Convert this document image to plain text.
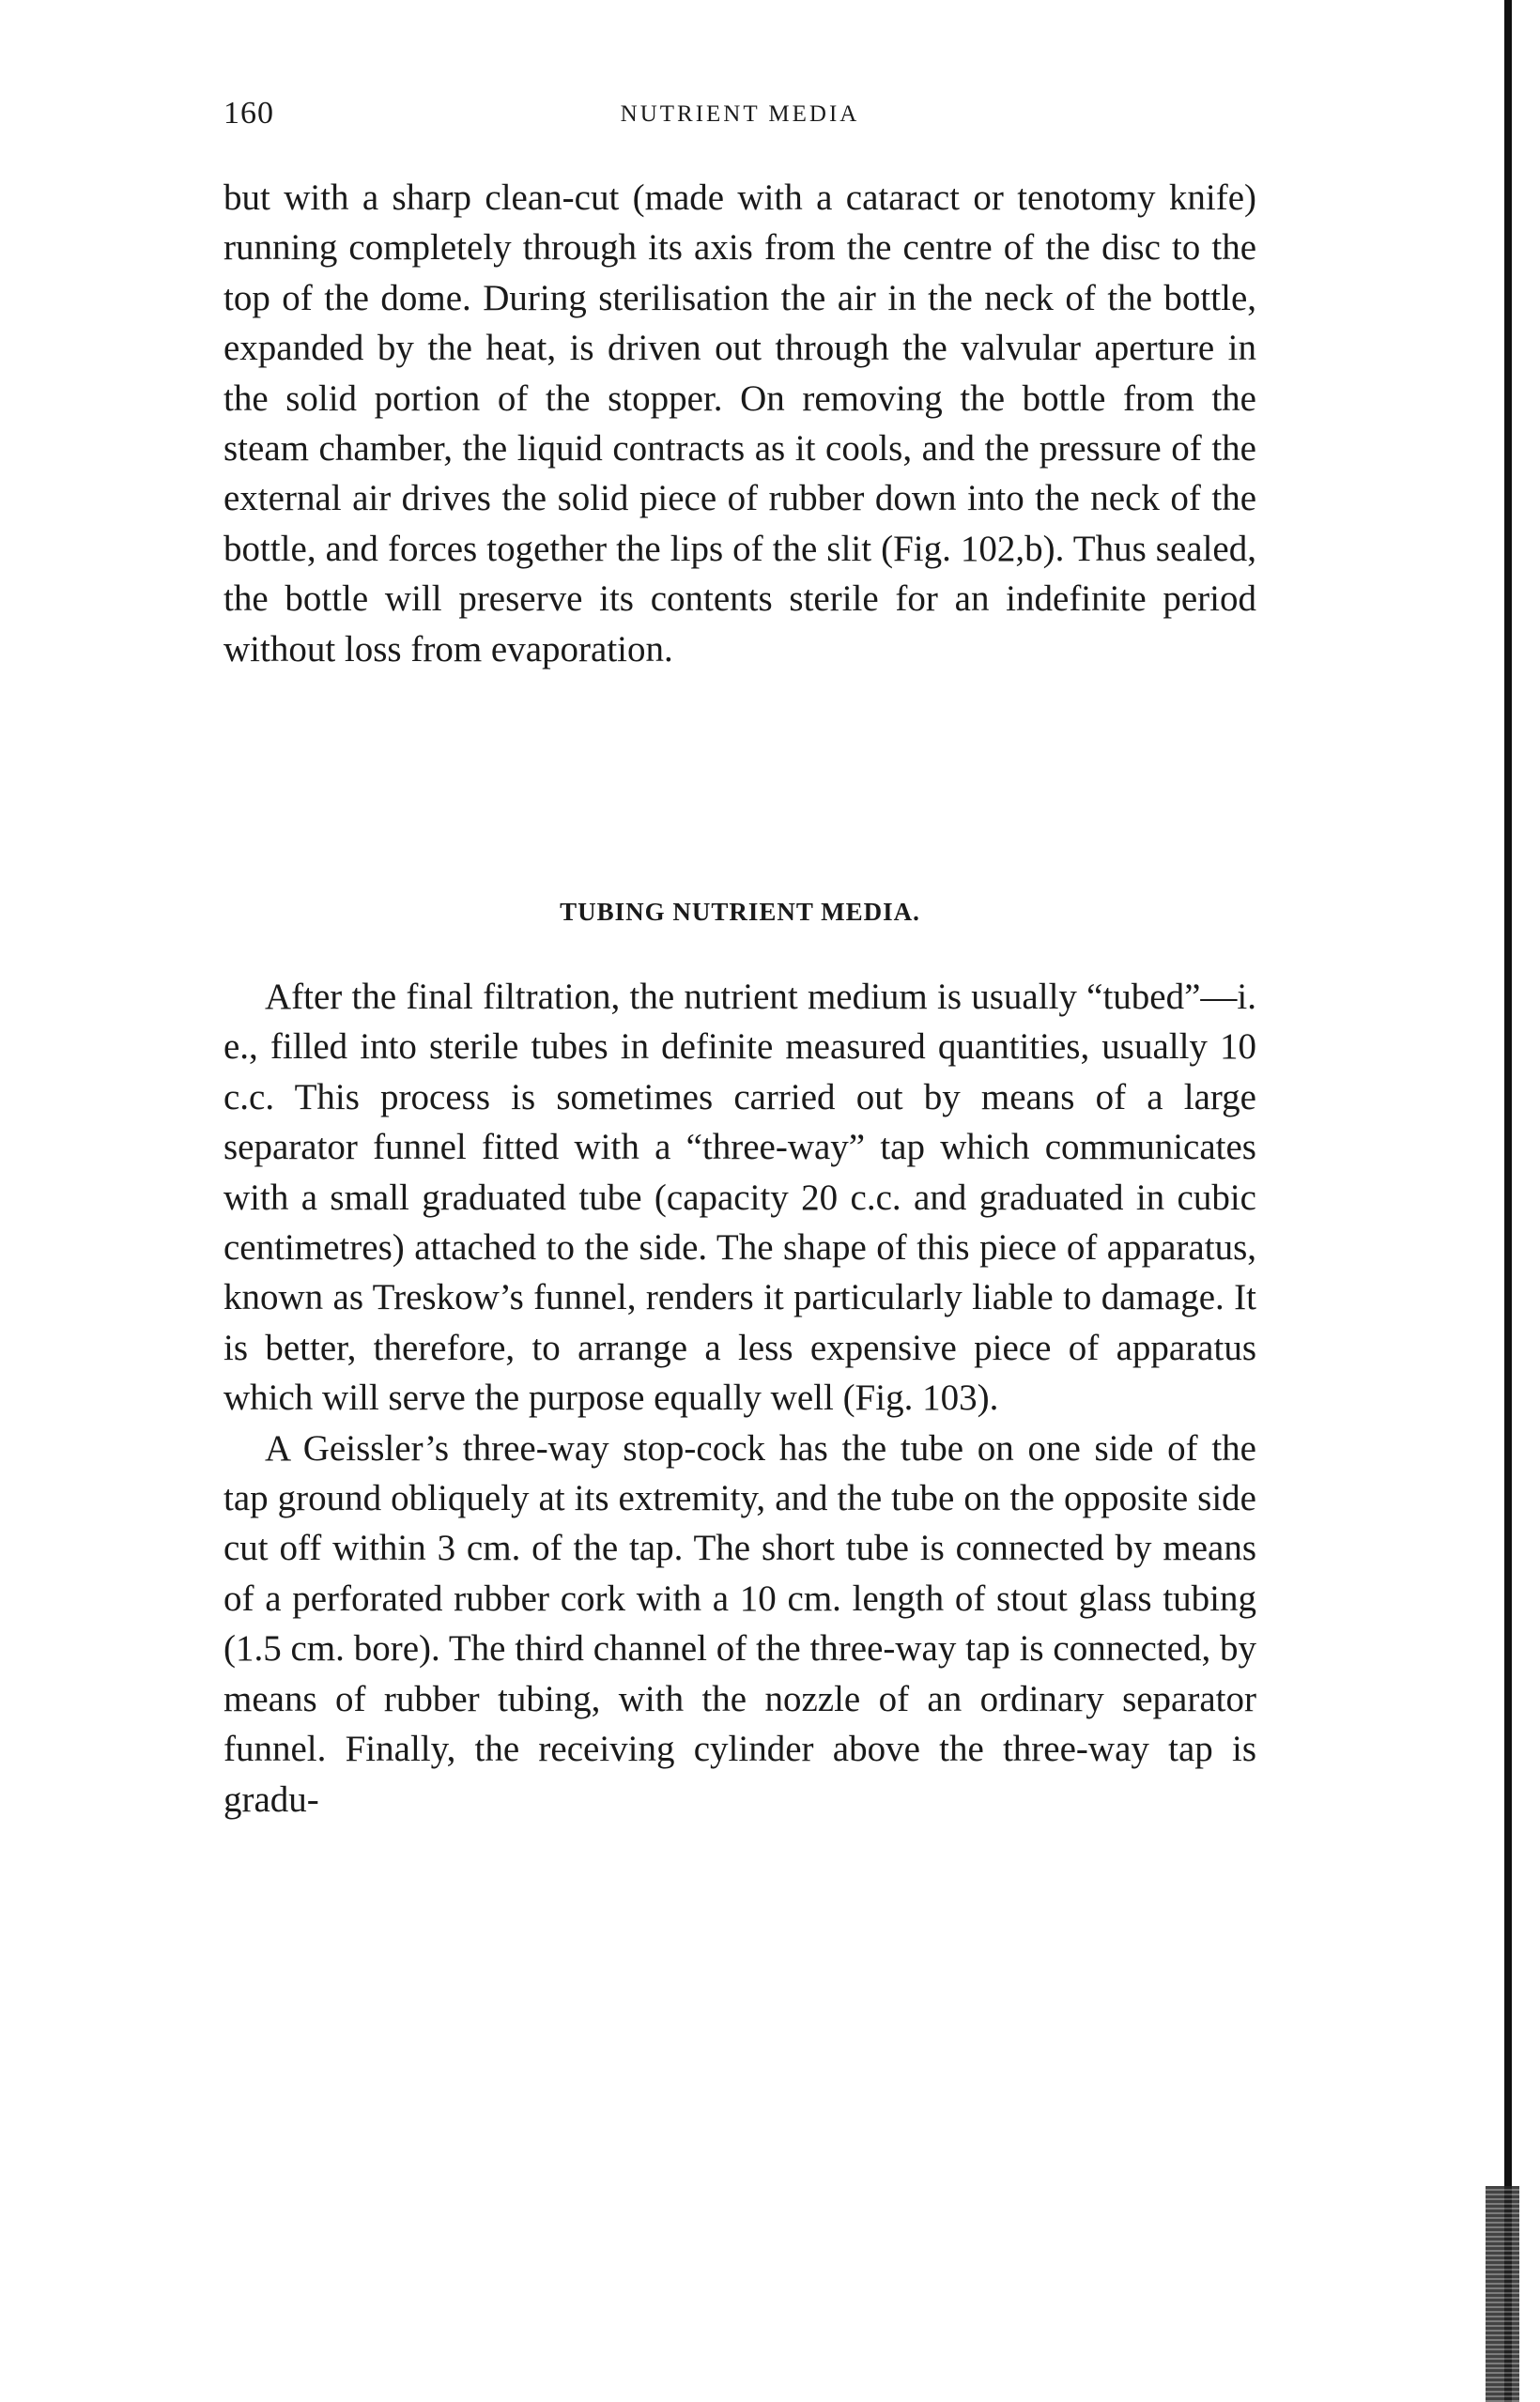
160	NUTRIENT MEDIA

but with a sharp clean-cut (made with a cataract or tenotomy knife) running completely through its axis from the centre of the disc to the top of the dome. During sterilisation the air in the neck of the bottle, expanded by the heat, is driven out through the valvular aperture in the solid portion of the stopper. On removing the bottle from the steam chamber, the liquid contracts as it cools, and the pressure of the external air drives the solid piece of rubber down into the neck of the bottle, and forces together the lips of the slit (Fig. 102,b). Thus sealed, the bottle will preserve its contents sterile for an indefinite period without loss from evaporation.

TUBING NUTRIENT MEDIA.

After the final filtration, the nutrient medium is usually “tubed”—i. e., filled into sterile tubes in definite measured quantities, usually 10 c.c. This process is sometimes carried out by means of a large separator funnel fitted with a “three-way” tap which communicates with a small graduated tube (capacity 20 c.c. and graduated in cubic centimetres) attached to the side. The shape of this piece of apparatus, known as Treskow’s funnel, renders it particularly liable to damage. It is better, therefore, to arrange a less expensive piece of apparatus which will serve the purpose equally well (Fig. 103).

A Geissler’s three-way stop-cock has the tube on one side of the tap ground obliquely at its extremity, and the tube on the opposite side cut off within 3 cm. of the tap. The short tube is connected by means of a perforated rubber cork with a 10 cm. length of stout glass tubing (1.5 cm. bore). The third channel of the three-way tap is connected, by means of rubber tubing, with the nozzle of an ordinary separator funnel. Finally, the receiving cylinder above the three-way tap is gradu-
